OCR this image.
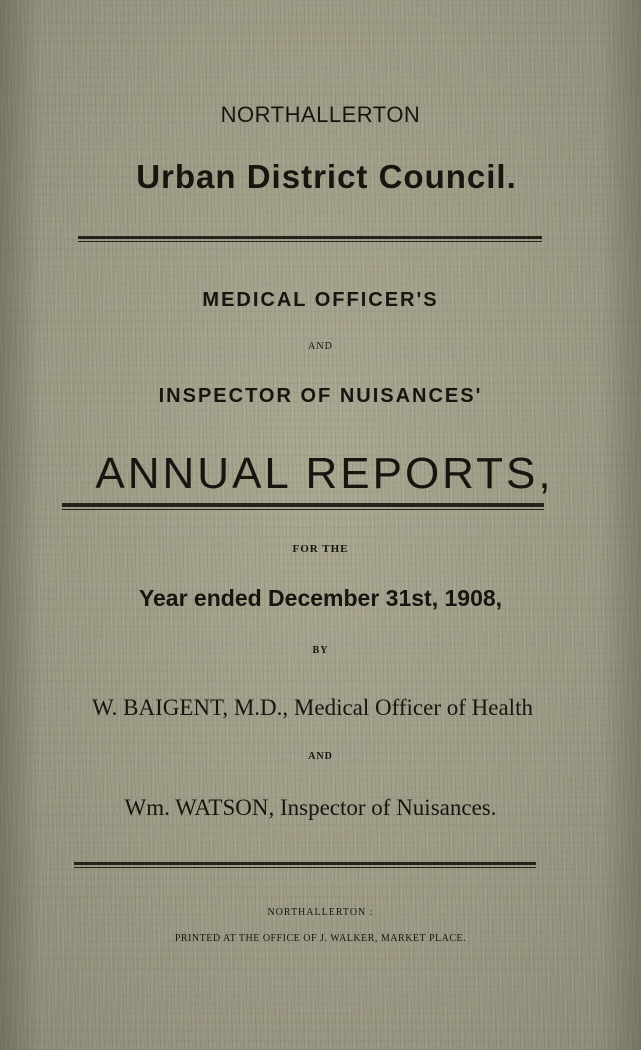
NORTHALLERTON
Urban District Council.
MEDICAL OFFICER'S
AND
INSPECTOR OF NUISANCES'
ANNUAL REPORTS,
FOR THE
Year ended December 31st, 1908,
BY
W. BAIGENT, M.D., Medical Officer of Health
AND
Wm. WATSON, Inspector of Nuisances.
NORTHALLERTON :
PRINTED AT THE OFFICE OF J. WALKER, MARKET PLACE.
